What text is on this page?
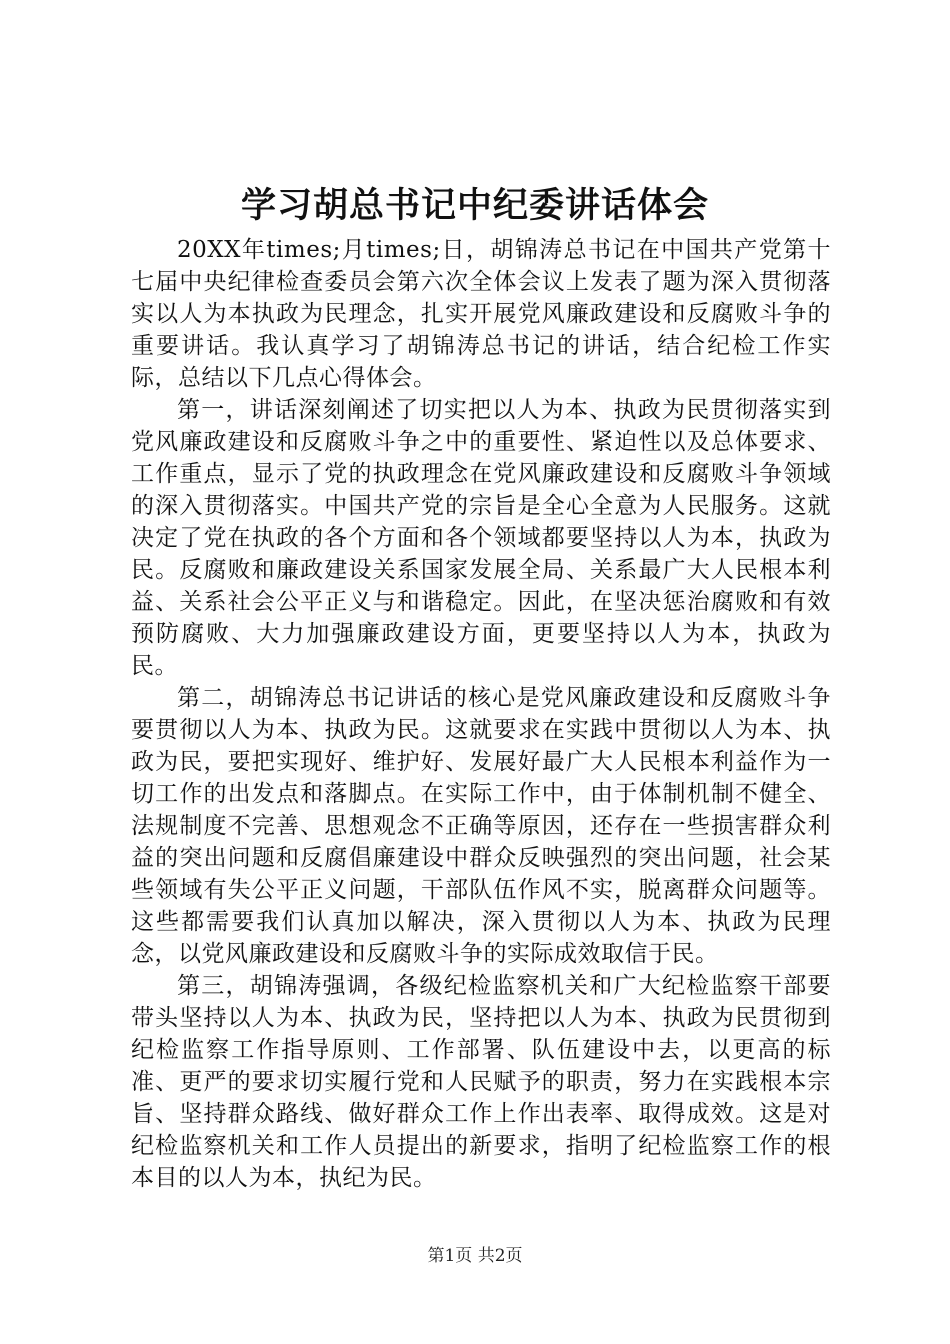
学习胡总书记中纪委讲话体会

20XX年times;月times;日，胡锦涛总书记在中国共产党第十七届中央纪律检查委员会第六次全体会议上发表了题为深入贯彻落实以人为本执政为民理念，扎实开展党风廉政建设和反腐败斗争的重要讲话。我认真学习了胡锦涛总书记的讲话，结合纪检工作实际，总结以下几点心得体会。

第一，讲话深刻阐述了切实把以人为本、执政为民贯彻落实到党风廉政建设和反腐败斗争之中的重要性、紧迫性以及总体要求、工作重点，显示了党的执政理念在党风廉政建设和反腐败斗争领域的深入贯彻落实。中国共产党的宗旨是全心全意为人民服务。这就决定了党在执政的各个方面和各个领域都要坚持以人为本，执政为民。反腐败和廉政建设关系国家发展全局、关系最广大人民根本利益、关系社会公平正义与和谐稳定。因此，在坚决惩治腐败和有效预防腐败、大力加强廉政建设方面，更要坚持以人为本，执政为民。

第二，胡锦涛总书记讲话的核心是党风廉政建设和反腐败斗争要贯彻以人为本、执政为民。这就要求在实践中贯彻以人为本、执政为民，要把实现好、维护好、发展好最广大人民根本利益作为一切工作的出发点和落脚点。在实际工作中，由于体制机制不健全、法规制度不完善、思想观念不正确等原因，还存在一些损害群众利益的突出问题和反腐倡廉建设中群众反映强烈的突出问题，社会某些领域有失公平正义问题，干部队伍作风不实，脱离群众问题等。这些都需要我们认真加以解决，深入贯彻以人为本、执政为民理念，以党风廉政建设和反腐败斗争的实际成效取信于民。

第三，胡锦涛强调，各级纪检监察机关和广大纪检监察干部要带头坚持以人为本、执政为民，坚持把以人为本、执政为民贯彻到纪检监察工作指导原则、工作部署、队伍建设中去，以更高的标准、更严的要求切实履行党和人民赋予的职责，努力在实践根本宗旨、坚持群众路线、做好群众工作上作出表率、取得成效。这是对纪检监察机关和工作人员提出的新要求，指明了纪检监察工作的根本目的以人为本，执纪为民。

第1页 共2页
